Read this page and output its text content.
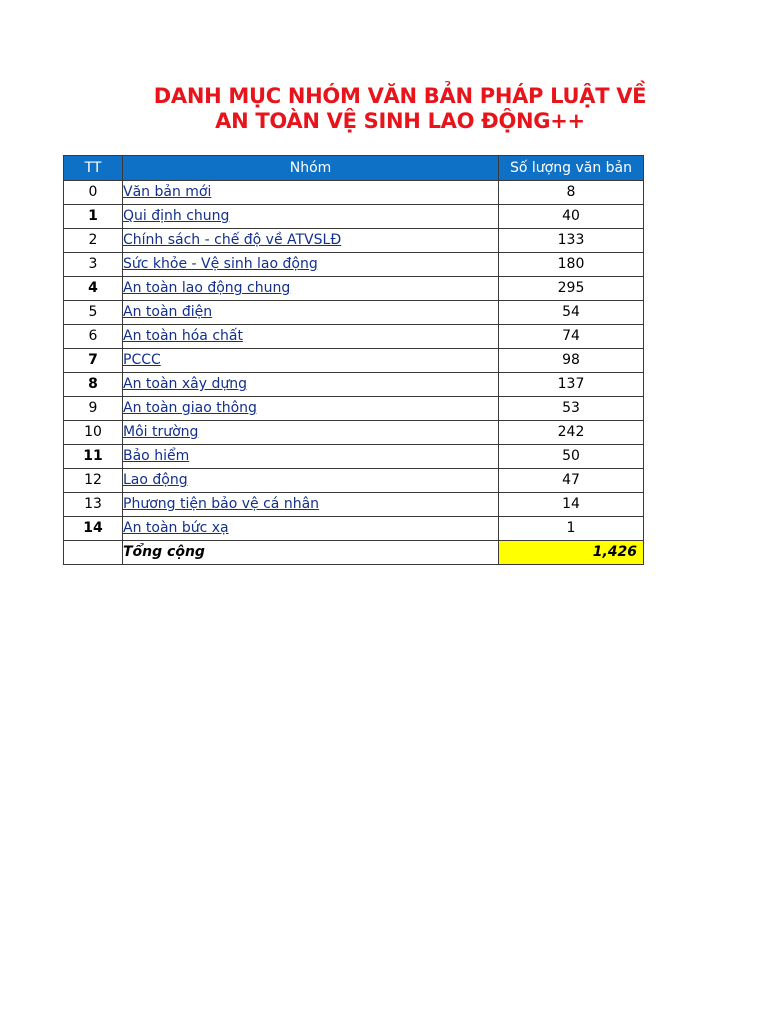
DANH MỤC NHÓM VĂN BẢN PHÁP LUẬT VỀ
AN TOÀN VỆ SINH LAO ĐỘNG++
TT	Nhóm	Số lượng văn bản
0	Văn bản mới	8
1	Qui định chung	40
2	Chính sách - chế độ về ATVSLĐ	133
3	Sức khỏe - Vệ sinh lao động	180
4	An toàn lao động chung	295
5	An toàn điện	54
6	An toàn hóa chất	74
7	PCCC	98
8	An toàn xây dựng	137
9	An toàn giao thông	53
10	Môi trường	242
11	Bảo hiểm	50
12	Lao động	47
13	Phương tiện bảo vệ cá nhân	14
14	An toàn bức xạ	1
	Tổng cộng	1,426
